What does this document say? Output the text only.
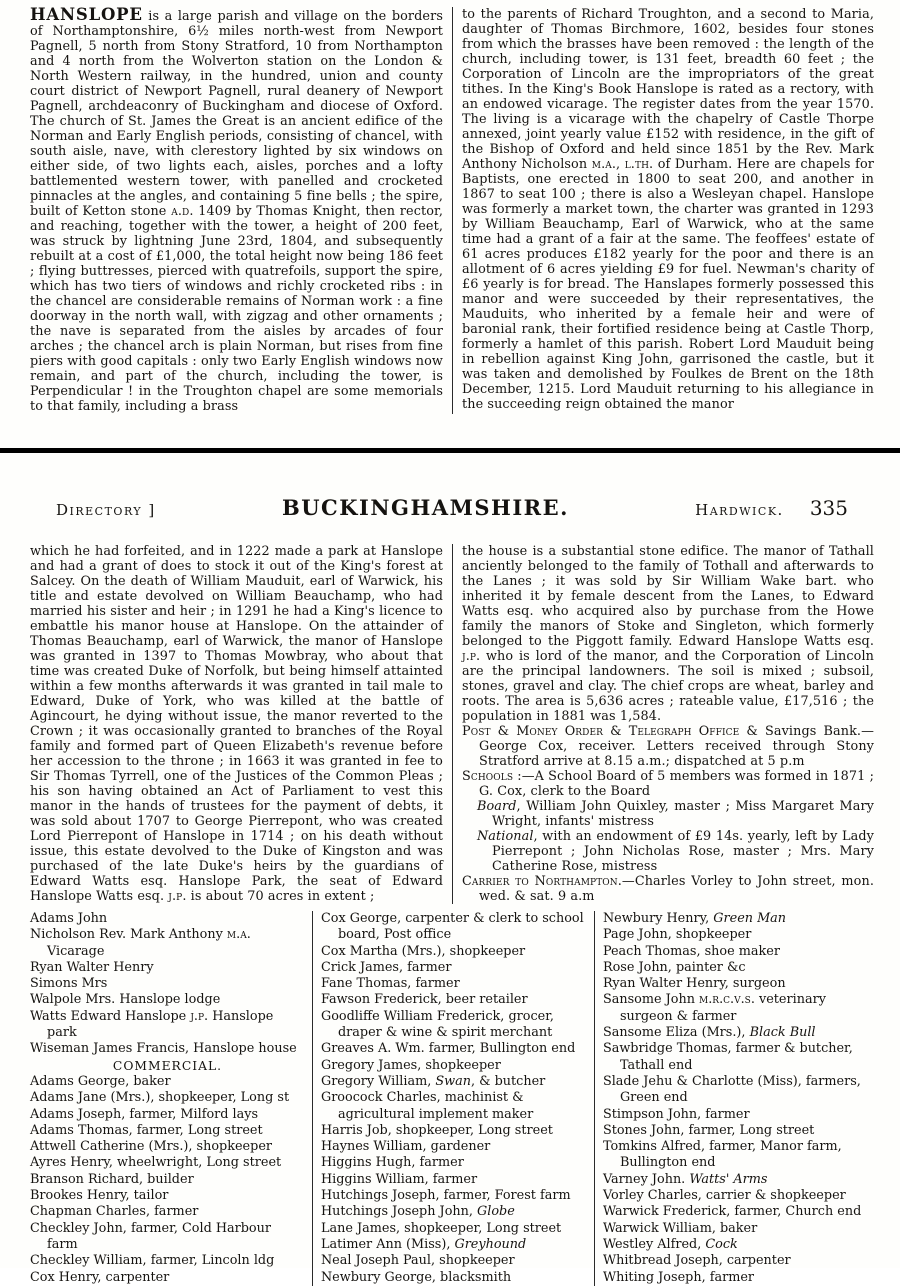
HANSLOPE is a large parish and village on the borders of Northamptonshire, 6½ miles north-west from Newport Pagnell, 5 north from Stony Stratford, 10 from Northampton and 4 north from the Wolverton station on the London & North Western railway, in the hundred, union and county court district of Newport Pagnell, rural deanery of Newport Pagnell, archdeaconry of Buckingham and diocese of Oxford. The church of St. James the Great is an ancient edifice of the Norman and Early English periods, consisting of chancel, with south aisle, nave, with clerestory lighted by six windows on either side, of two lights each, aisles, porches and a lofty battlemented western tower, with panelled and crocketed pinnacles at the angles, and containing 5 fine bells ; the spire, built of Ketton stone a.d. 1409 by Thomas Knight, then rector, and reaching, together with the tower, a height of 200 feet, was struck by lightning June 23rd, 1804, and subsequently rebuilt at a cost of £1,000, the total height now being 186 feet ; flying buttresses, pierced with quatrefoils, support the spire, which has two tiers of windows and richly crocketed ribs : in the chancel are considerable remains of Norman work : a fine doorway in the north wall, with zigzag and other ornaments ; the nave is separated from the aisles by arcades of four arches ; the chancel arch is plain Norman, but rises from fine piers with good capitals : only two Early English windows now remain, and part of the church, including the tower, is Perpendicular ! in the Troughton chapel are some memorials to that family, including a brass
to the parents of Richard Troughton, and a second to Maria, daughter of Thomas Birchmore, 1602, besides four stones from which the brasses have been removed : the length of the church, including tower, is 131 feet, breadth 60 feet ; the Corporation of Lincoln are the impropriators of the great tithes. In the King's Book Hanslope is rated as a rectory, with an endowed vicarage. The register dates from the year 1570. The living is a vicarage with the chapelry of Castle Thorpe annexed, joint yearly value £152 with residence, in the gift of the Bishop of Oxford and held since 1851 by the Rev. Mark Anthony Nicholson m.a., l.th. of Durham. Here are chapels for Baptists, one erected in 1800 to seat 200, and another in 1867 to seat 100 ; there is also a Wesleyan chapel. Hanslope was formerly a market town, the charter was granted in 1293 by William Beauchamp, Earl of Warwick, who at the same time had a grant of a fair at the same. The feoffees' estate of 61 acres produces £182 yearly for the poor and there is an allotment of 6 acres yielding £9 for fuel. Newman's charity of £6 yearly is for bread. The Hanslapes formerly possessed this manor and were succeeded by their representatives, the Mauduits, who inherited by a female heir and were of baronial rank, their fortified residence being at Castle Thorp, formerly a hamlet of this parish. Robert Lord Mauduit being in rebellion against King John, garrisoned the castle, but it was taken and demolished by Foulkes de Brent on the 18th December, 1215. Lord Mauduit returning to his allegiance in the succeeding reign obtained the manor
Directory ]	BUCKINGHAMSHIRE.	Hardwick. 335
which he had forfeited, and in 1222 made a park at Hanslope and had a grant of does to stock it out of the King's forest at Salcey. On the death of William Mauduit, earl of Warwick, his title and estate devolved on William Beauchamp, who had married his sister and heir ; in 1291 he had a King's licence to embattle his manor house at Hanslope. On the attainder of Thomas Beauchamp, earl of Warwick, the manor of Hanslope was granted in 1397 to Thomas Mowbray, who about that time was created Duke of Norfolk, but being himself attainted within a few months afterwards it was granted in tail male to Edward, Duke of York, who was killed at the battle of Agincourt, he dying without issue, the manor reverted to the Crown ; it was occasionally granted to branches of the Royal family and formed part of Queen Elizabeth's revenue before her accession to the throne ; in 1663 it was granted in fee to Sir Thomas Tyrrell, one of the Justices of the Common Pleas ; his son having obtained an Act of Parliament to vest this manor in the hands of trustees for the payment of debts, it was sold about 1707 to George Pierrepont, who was created Lord Pierrepont of Hanslope in 1714 ; on his death without issue, this estate devolved to the Duke of Kingston and was purchased of the late Duke's heirs by the guardians of Edward Watts esq. Hanslope Park, the seat of Edward Hanslope Watts esq. j.p. is about 70 acres in extent ;
the house is a substantial stone edifice. The manor of Tathall anciently belonged to the family of Tothall and afterwards to the Lanes ; it was sold by Sir William Wake bart. who inherited it by female descent from the Lanes, to Edward Watts esq. who acquired also by purchase from the Howe family the manors of Stoke and Singleton, which formerly belonged to the Piggott family. Edward Hanslope Watts esq. j.p. who is lord of the manor, and the Corporation of Lincoln are the principal landowners. The soil is mixed ; subsoil, stones, gravel and clay. The chief crops are wheat, barley and roots. The area is 5,636 acres ; rateable value, £17,516 ; the population in 1881 was 1,584.
Post & Money Order & Telegraph Office & Savings Bank.—George Cox, receiver. Letters received through Stony Stratford arrive at 8.15 a.m.; dispatched at 5 p.m
Schools :—A School Board of 5 members was formed in 1871 ; G. Cox, clerk to the Board
Board, William John Quixley, master ; Miss Margaret Mary Wright, infants' mistress
National, with an endowment of £9 14s. yearly, left by Lady Pierrepont ; John Nicholas Rose, master ; Mrs. Mary Catherine Rose, mistress
Carrier to Northampton.—Charles Vorley to John street, mon. wed. & sat. 9 a.m
Adams John
Nicholson Rev. Mark Anthony m.a. Vicarage
Ryan Walter Henry
Simons Mrs
Walpole Mrs. Hanslope lodge
Watts Edward Hanslope j.p. Hanslope park
Wiseman James Francis, Hanslope house
COMMERCIAL.
Adams George, baker
Adams Jane (Mrs.), shopkeeper, Long st
Adams Joseph, farmer, Milford lays
Adams Thomas, farmer, Long street
Attwell Catherine (Mrs.), shopkeeper
Ayres Henry, wheelwright, Long street
Branson Richard, builder
Brookes Henry, tailor
Chapman Charles, farmer
Checkley John, farmer, Cold Harbour farm
Checkley William, farmer, Lincoln ldg
Cox Henry, carpenter
Cox George, carpenter & clerk to school board, Post office
Cox Martha (Mrs.), shopkeeper
Crick James, farmer
Fane Thomas, farmer
Fawson Frederick, beer retailer
Goodliffe William Frederick, grocer, draper & wine & spirit merchant
Greaves A. Wm. farmer, Bullington end
Gregory James, shopkeeper
Gregory William, Swan, & butcher
Groocock Charles, machinist & agricultural implement maker
Harris Job, shopkeeper, Long street
Haynes William, gardener
Higgins Hugh, farmer
Higgins William, farmer
Hutchings Joseph, farmer, Forest farm
Hutchings Joseph John, Globe
Lane James, shopkeeper, Long street
Latimer Ann (Miss), Greyhound
Neal Joseph Paul, shopkeeper
Newbury George, blacksmith
Newbury Henry, Green Man
Page John, shopkeeper
Peach Thomas, shoe maker
Rose John, painter &c
Ryan Walter Henry, surgeon
Sansome John m.r.c.v.s. veterinary surgeon & farmer
Sansome Eliza (Mrs.), Black Bull
Sawbridge Thomas, farmer & butcher, Tathall end
Slade Jehu & Charlotte (Miss), farmers, Green end
Stimpson John, farmer
Stones John, farmer, Long street
Tomkins Alfred, farmer, Manor farm, Bullington end
Varney John. Watts' Arms
Vorley Charles, carrier & shopkeeper
Warwick Frederick, farmer, Church end
Warwick William, baker
Westley Alfred, Cock
Whitbread Joseph, carpenter
Whiting Joseph, farmer
